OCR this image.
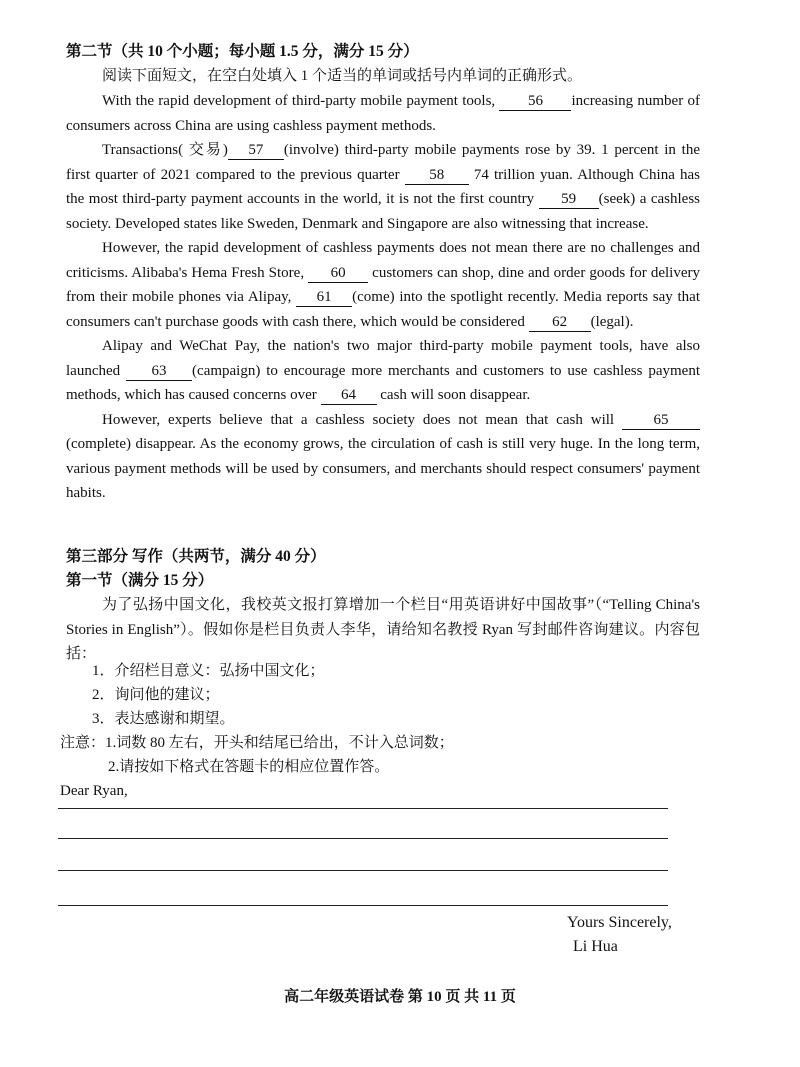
第二节（共 10 个小题；每小题 1.5 分，满分 15 分）
阅读下面短文，在空白处填入 1 个适当的单词或括号内单词的正确形式。

With the rapid development of third-party mobile payment tools, 56 increasing number of consumers across China are using cashless payment methods.

Transactions( 交易) 57 (involve) third-party mobile payments rose by 39. 1 percent in the first quarter of 2021 compared to the previous quarter 58 74 trillion yuan. Although China has the most third-party payment accounts in the world, it is not the first country 59 (seek) a cashless society. Developed states like Sweden, Denmark and Singapore are also witnessing that increase.

However, the rapid development of cashless payments does not mean there are no challenges and criticisms. Alibaba's Hema Fresh Store, 60 customers can shop, dine and order goods for delivery from their mobile phones via Alipay, 61 (come) into the spotlight recently. Media reports say that consumers can't purchase goods with cash there, which would be considered 62 (legal).

Alipay and WeChat Pay, the nation's two major third-party mobile payment tools, have also launched 63 (campaign) to encourage more merchants and customers to use cashless payment methods, which has caused concerns over 64 cash will soon disappear.

However, experts believe that a cashless society does not mean that cash will 65(complete) disappear. As the economy grows, the circulation of cash is still very huge. In the long term, various payment methods will be used by consumers, and merchants should respect consumers' payment habits.

第三部分 写作（共两节，满分 40 分）
第一节（满分 15 分）

为了弘扬中国文化，我校英文报打算增加一个栏目“用英语讲好中国故事”（“Telling China's Stories in English”）。假如你是栏目负责人李华，请给知名教授 Ryan 写封邮件咨询建议。内容包括：

1．介绍栏目意义：弘扬中国文化；
2．询问他的建议；
3．表达感谢和期望。
注意：1.词数 80 左右，开头和结尾已给出，不计入总词数；
2.请按如下格式在答题卡的相应位置作答。
Dear Ryan,
Yours Sincerely,
Li Hua
高二年级英语试卷 第 10 页 共 11 页
